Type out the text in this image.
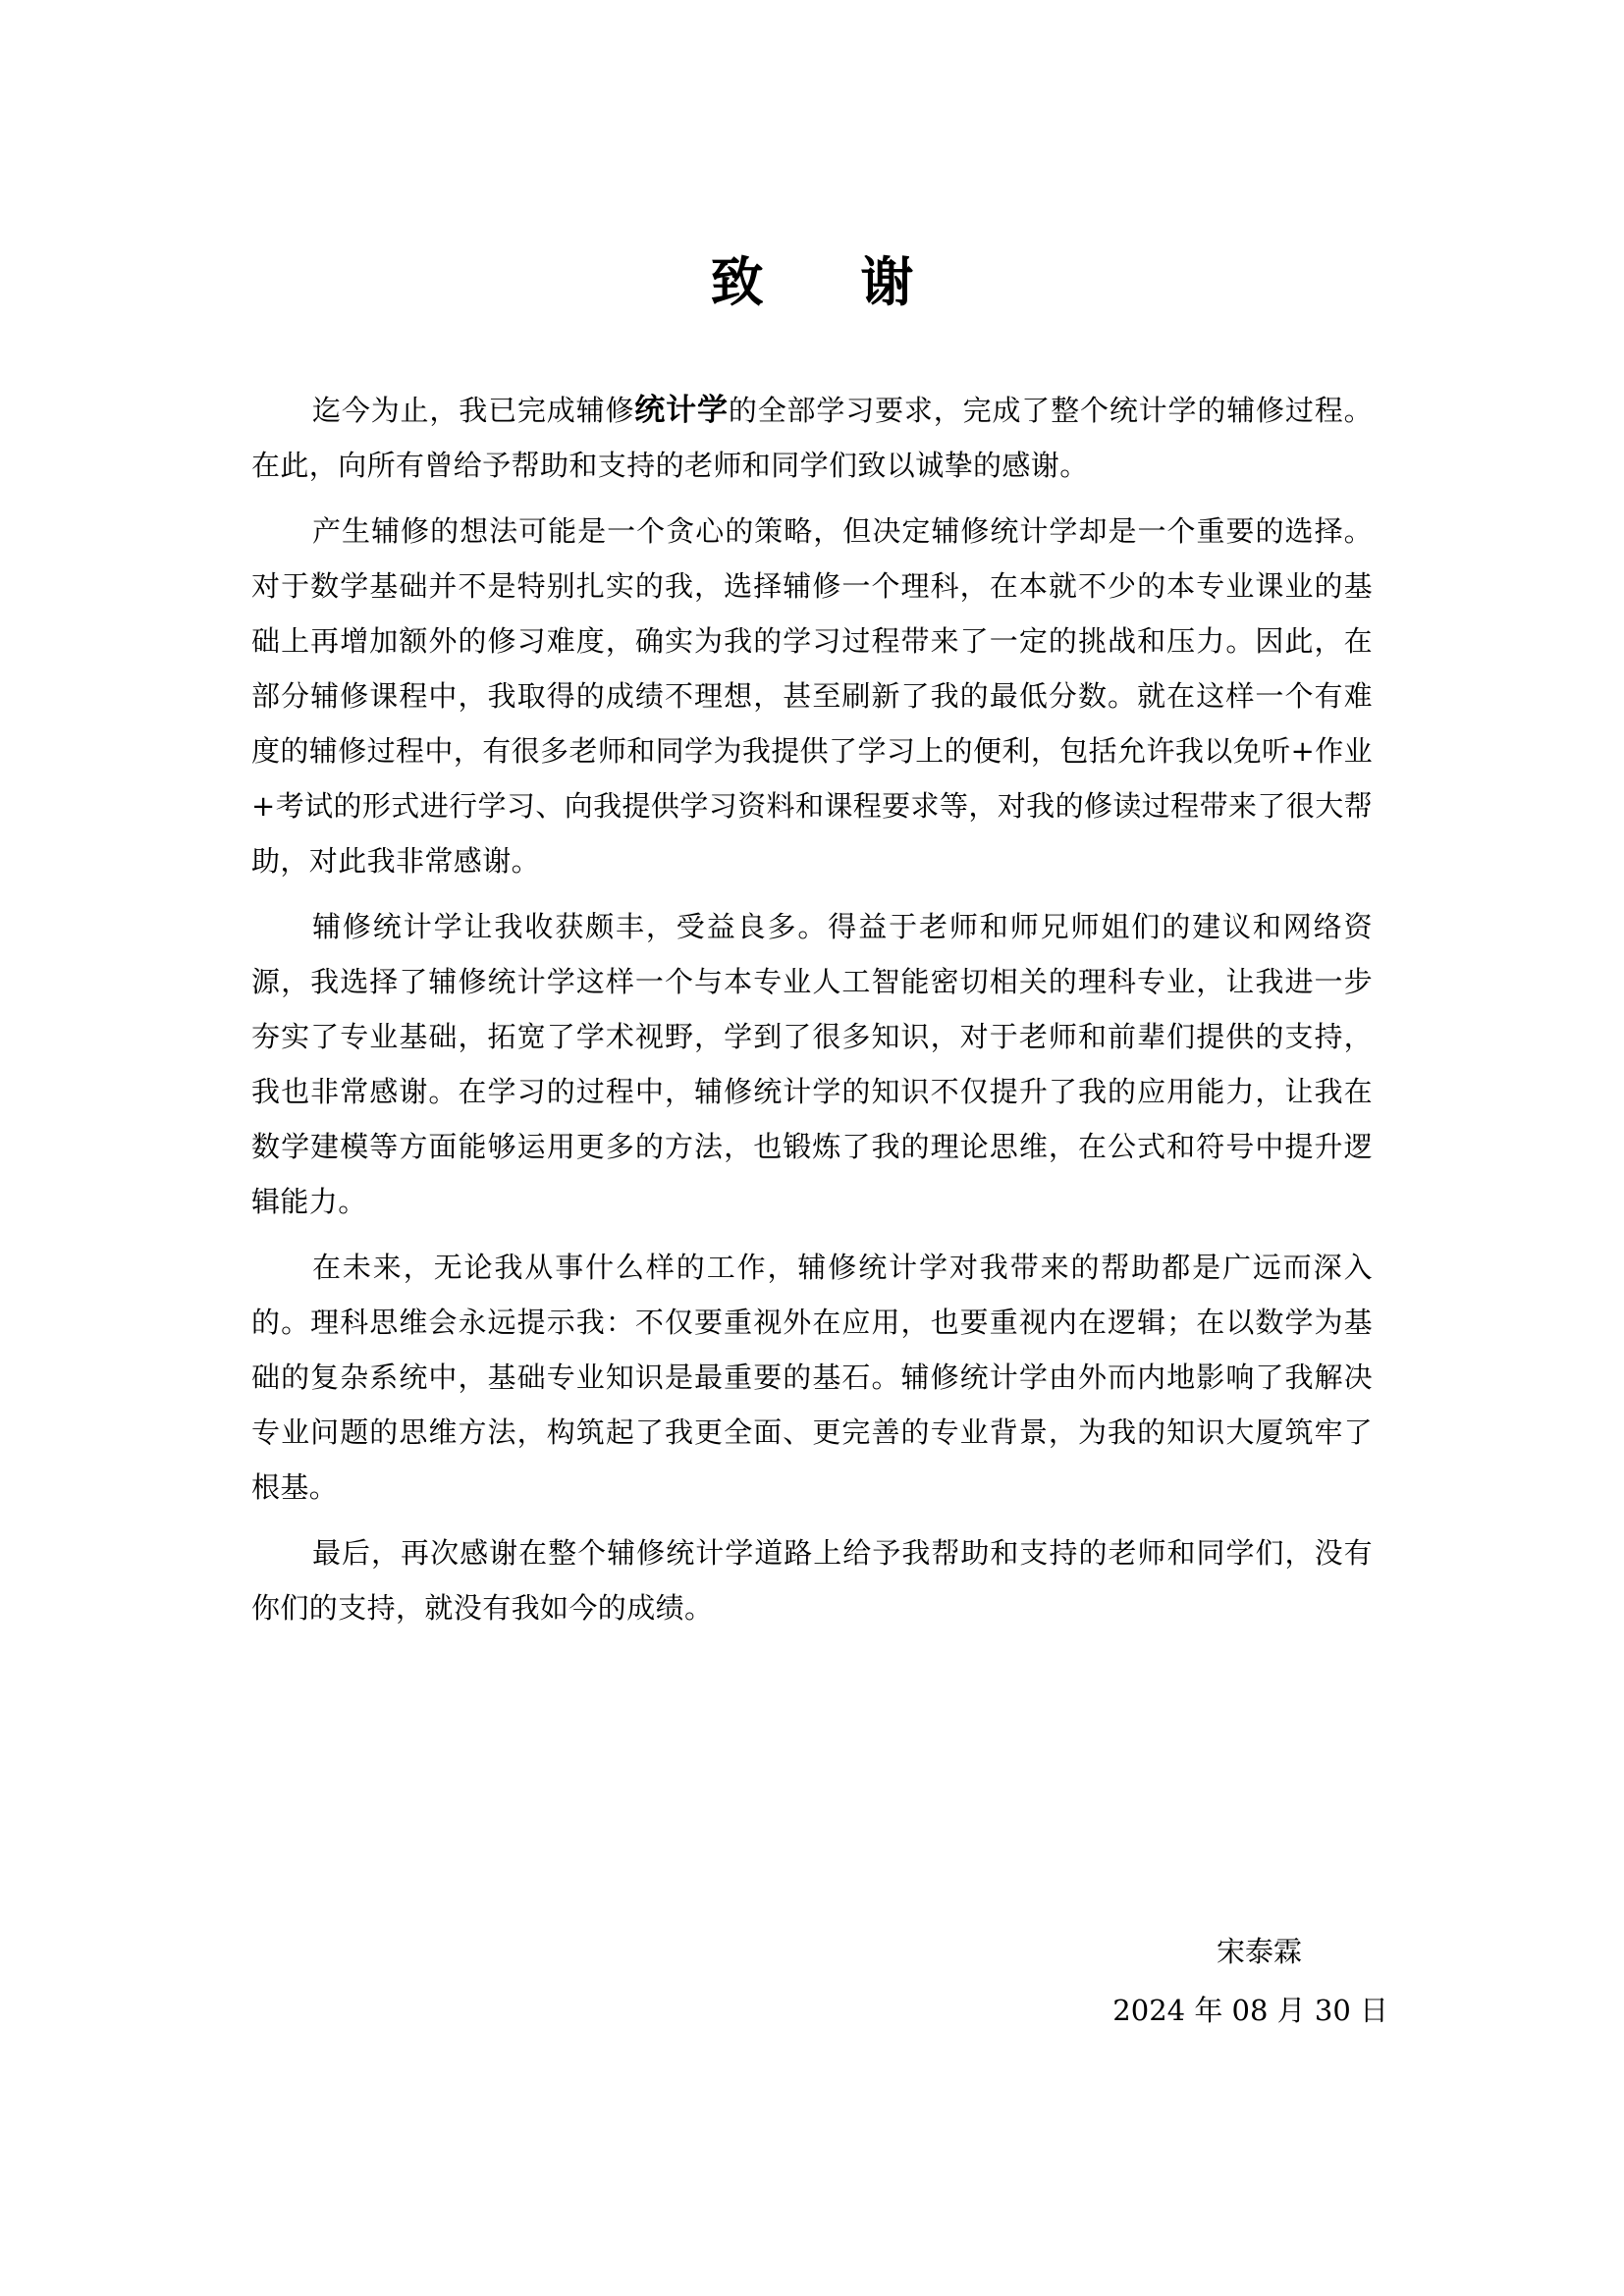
致 谢

迄今为止，我已完成辅修统计学的全部学习要求，完成了整个统计学的辅修过程。在此，向所有曾给予帮助和支持的老师和同学们致以诚挚的感谢。

产生辅修的想法可能是一个贪心的策略，但决定辅修统计学却是一个重要的选择。对于数学基础并不是特别扎实的我，选择辅修一个理科，在本就不少的本专业课业的基础上再增加额外的修习难度，确实为我的学习过程带来了一定的挑战和压力。因此，在部分辅修课程中，我取得的成绩不理想，甚至刷新了我的最低分数。就在这样一个有难度的辅修过程中，有很多老师和同学为我提供了学习上的便利，包括允许我以免听+作业+考试的形式进行学习、向我提供学习资料和课程要求等，对我的修读过程带来了很大帮助，对此我非常感谢。

辅修统计学让我收获颇丰，受益良多。得益于老师和师兄师姐们的建议和网络资源，我选择了辅修统计学这样一个与本专业人工智能密切相关的理科专业，让我进一步夯实了专业基础，拓宽了学术视野，学到了很多知识，对于老师和前辈们提供的支持，我也非常感谢。在学习的过程中，辅修统计学的知识不仅提升了我的应用能力，让我在数学建模等方面能够运用更多的方法，也锻炼了我的理论思维，在公式和符号中提升逻辑能力。

在未来，无论我从事什么样的工作，辅修统计学对我带来的帮助都是广远而深入的。理科思维会永远提示我：不仅要重视外在应用，也要重视内在逻辑；在以数学为基础的复杂系统中，基础专业知识是最重要的基石。辅修统计学由外而内地影响了我解决专业问题的思维方法，构筑起了我更全面、更完善的专业背景，为我的知识大厦筑牢了根基。

最后，再次感谢在整个辅修统计学道路上给予我帮助和支持的老师和同学们，没有你们的支持，就没有我如今的成绩。

宋泰霖

2024 年 08 月 30 日
